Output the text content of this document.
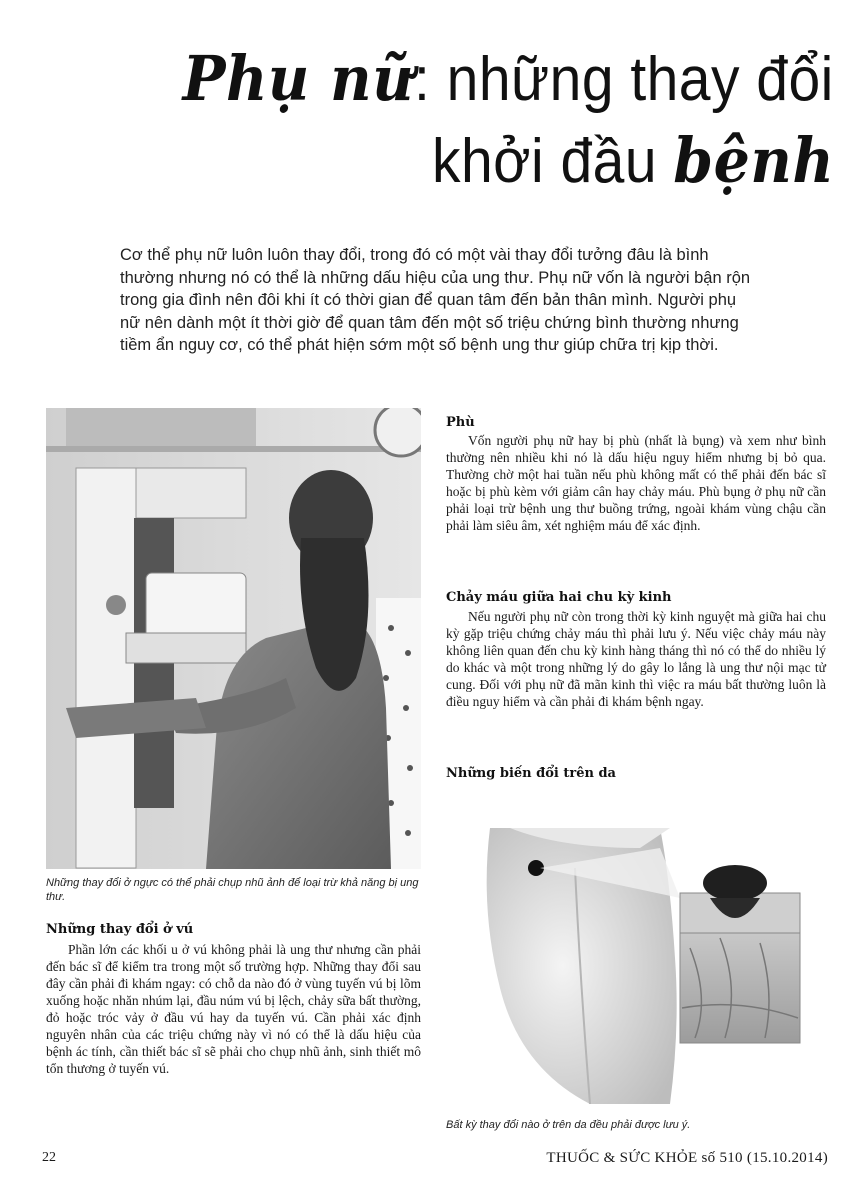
Phụ nữ: những thay đổi
khởi đầu bệnh

Cơ thể phụ nữ luôn luôn thay đổi, trong đó có một vài thay đổi tưởng đâu là bình thường nhưng nó có thể là những dấu hiệu của ung thư. Phụ nữ vốn là người bận rộn trong gia đình nên đôi khi ít có thời gian để quan tâm đến bản thân mình. Người phụ nữ nên dành một ít thời giờ để quan tâm đến một số triệu chứng bình thường nhưng tiềm ẩn nguy cơ, có thể phát hiện sớm một số bệnh ung thư giúp chữa trị kịp thời.

Những thay đổi ở ngực có thể phải chụp nhũ ảnh để loại trừ khả năng bị ung thư.

Những thay đổi ở vú

Phần lớn các khối u ở vú không phải là ung thư nhưng cần phải đến bác sĩ để kiểm tra trong một số trường hợp. Những thay đổi sau đây cần phải đi khám ngay: có chỗ da nào đó ở vùng tuyến vú bị lõm xuống hoặc nhăn nhúm lại, đầu núm vú bị lệch, chảy sữa bất thường, đỏ hoặc tróc vảy ở đầu vú hay da tuyến vú. Cần phải xác định nguyên nhân của các triệu chứng này vì nó có thể là dấu hiệu của bệnh ác tính, cần thiết bác sĩ sẽ phải cho chụp nhũ ảnh, sinh thiết mô tổn thương ở tuyến vú.

Phù

Vốn người phụ nữ hay bị phù (nhất là bụng) và xem như bình thường nên nhiều khi nó là dấu hiệu nguy hiểm nhưng bị bỏ qua. Thường chờ một hai tuần nếu phù không mất có thể phải đến bác sĩ hoặc bị phù kèm với giảm cân hay chảy máu. Phù bụng ở phụ nữ cần phải loại trừ bệnh ung thư buồng trứng, ngoài khám vùng chậu cần phải làm siêu âm, xét nghiệm máu để xác định.

Chảy máu giữa hai chu kỳ kinh

Nếu người phụ nữ còn trong thời kỳ kinh nguyệt mà giữa hai chu kỳ gặp triệu chứng chảy máu thì phải lưu ý. Nếu việc chảy máu này không liên quan đến chu kỳ kinh hàng tháng thì nó có thể do nhiều lý do khác và một trong những lý do gây lo lắng là ung thư nội mạc tử cung. Đối với phụ nữ đã mãn kinh thì việc ra máu bất thường luôn là điều nguy hiểm và cần phải đi khám bệnh ngay.

Những biến đổi trên da

Bất kỳ thay đổi nào ở trên da đều phải được lưu ý.

22	THUỐC & SỨC KHỎE số 510 (15.10.2014)
